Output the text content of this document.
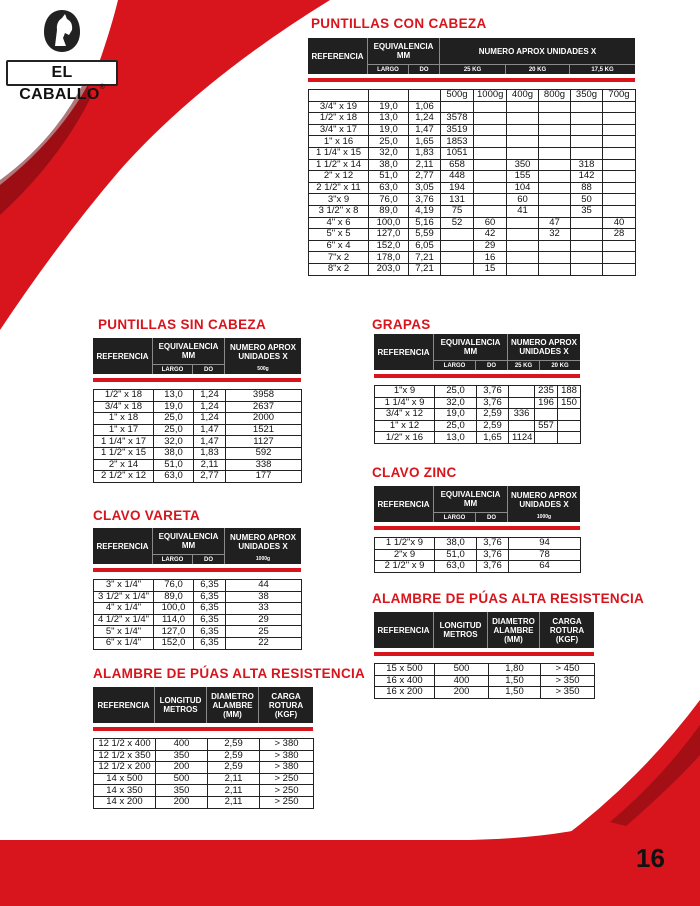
EL CABALLO®
PUNTILLAS CON CABEZA
REFERENCIA
EQUIVALENCIA MM
LARGO	DO
NUMERO APROX UNIDADES X
25 KG	20 KG	17,5 KG
			500g	1000g	400g	800g	350g	700g
3/4" x 19	19,0	1,06						
1/2" x 18	13,0	1,24	3578					
3/4" x 17	19,0	1,47	3519					
1" x 16	25,0	1,65	1853					
1 1/4" x 15	32,0	1,83	1051					
1 1/2" x 14	38,0	2,11	658		350		318	
2" x 12	51,0	2,77	448		155		142	
2 1/2" x 11	63,0	3,05	194		104		88	
3"x 9	76,0	3,76	131		60		50	
3 1/2" x 8	89,0	4,19	75		41		35	
4" x 6	100,0	5,16	52	60		47		40
5" x 5	127,0	5,59		42		32		28
6" x 4	152,0	6,05		29				
7"x 2	178,0	7,21		16				
8"x 2	203,0	7,21		15				
PUNTILLAS SIN CABEZA
REFERENCIA
EQUIVALENCIA MM
LARGO	DO
NUMERO APROX UNIDADES X
500g
1/2" x 18	13,0	1,24	3958
3/4" x 18	19,0	1,24	2637
1" x 18	25,0	1,24	2000
1" x 17	25,0	1,47	1521
1 1/4" x 17	32,0	1,47	1127
1 1/2" x 15	38,0	1,83	592
2" x 14	51,0	2,11	338
2 1/2" x 12	63,0	2,77	177
CLAVO VARETA
REFERENCIA
EQUIVALENCIA MM
LARGO	DO
NUMERO APROX UNIDADES X
1000g
3" x 1/4"	76,0	6,35	44
3 1/2" x 1/4"	89,0	6,35	38
4" x 1/4"	100,0	6,35	33
4 1/2" x 1/4"	114,0	6,35	29
5" x 1/4"	127,0	6,35	25
6" x 1/4"	152,0	6,35	22
ALAMBRE DE PÚAS ALTA RESISTENCIA
REFERENCIA	LONGITUD METROS
DIAMETRO ALAMBRE (MM)
CARGA ROTURA (KGF)
12 1/2 x 400	400	2,59	> 380
12 1/2 x 350	350	2,59	> 380
12 1/2 x 200	200	2,59	> 380
14 x 500	500	2,11	> 250
14 x 350	350	2,11	> 250
14 x 200	200	2,11	> 250
GRAPAS
REFERENCIA
EQUIVALENCIA MM
LARGO	DO
NUMERO APROX UNIDADES X
25 KG	20 KG
1"x 9	25,0	3,76		235	188
1 1/4" x 9	32,0	3,76		196	150
3/4" x 12	19,0	2,59	336		
1" x 12	25,0	2,59		557	
1/2" x 16	13,0	1,65	1124		
CLAVO ZINC
REFERENCIA
EQUIVALENCIA MM
LARGO	DO
NUMERO APROX UNIDADES X
1000g
1 1/2"x 9	38,0	3,76	94
2"x 9	51,0	3,76	78
2 1/2" x 9	63,0	3,76	64
ALAMBRE DE PÚAS ALTA RESISTENCIA
REFERENCIA	LONGITUD METROS
DIAMETRO ALAMBRE (MM)
CARGA ROTURA (KGF)
15 x 500	500	1,80	> 450
16 x 400	400	1,50	> 350
16 x 200	200	1,50	> 350
16
